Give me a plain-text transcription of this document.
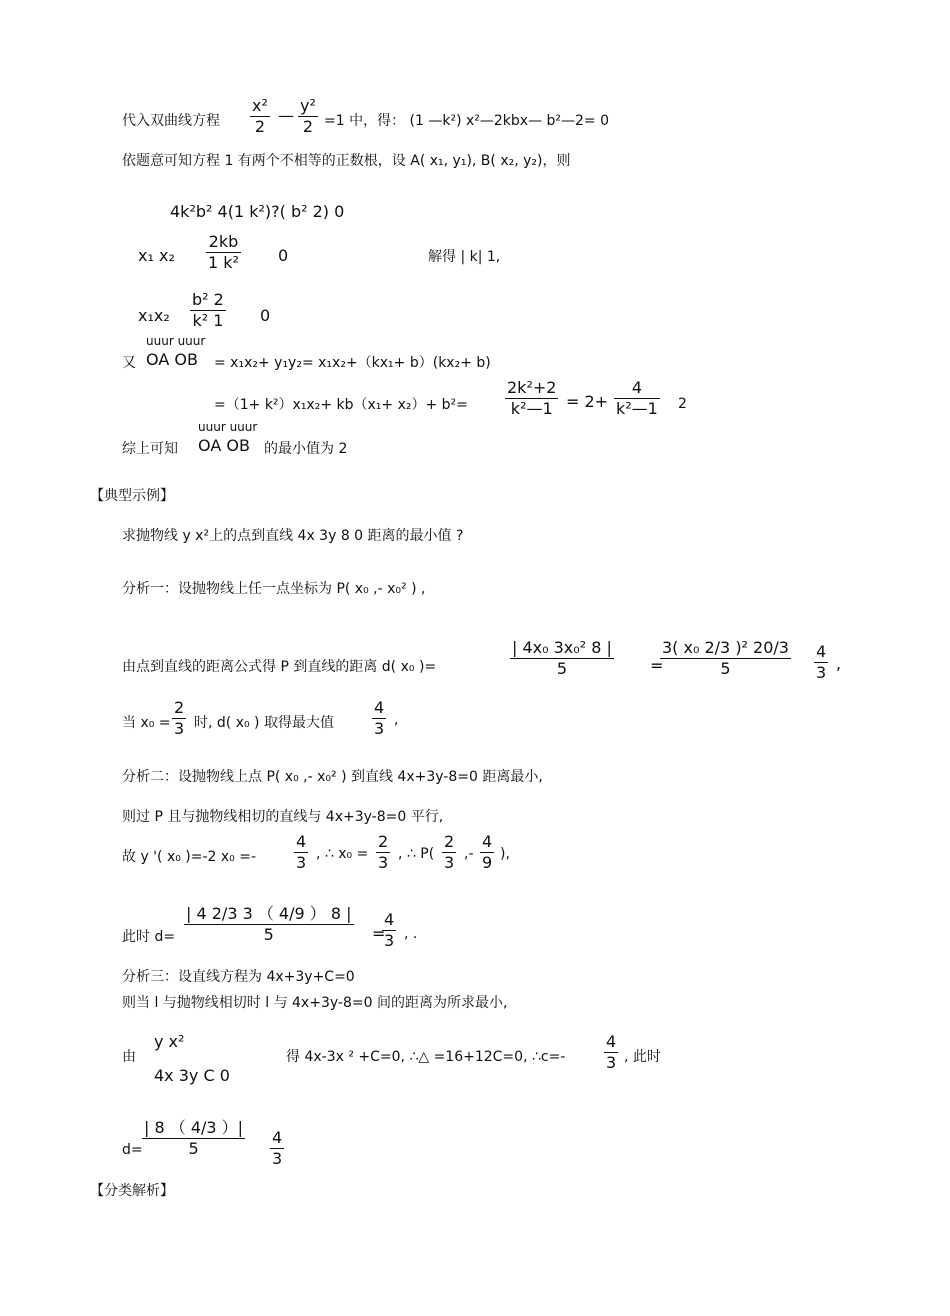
代入双曲线方程 $\frac{\text{x²}}{2}$ — $\frac{\text{y²}}{2} =1$ 中，得： (1 —k²) x²—2kbx— b²—2= 0
依题意可知方程 1 有两个不相等的正数根，设 A( x₁, y₁), B( x₂, y₂)，则
4k²b² 4(1 k²)?( b² 2) 0
x₁ $x_2 \frac{2kb}{\text{1 k²}} 0$	解得 | k| 1,
$x_1x_2 \frac{\text{b² 2}}{\text{k² 1}} 0$
又
uuur uuur
OA OB = x₁x₂+ y₁y₂= x₁x₂+（kx₁+ b）(kx₂+ b)
$=(1+ k^2)x_1x_2+ kb(x_1+ x_2)+ b^2= \frac{\text{2k²+2}}{\text{k²—1}} = 2+ \frac{4}{\text{k²—1}} 2$
综上可知
uuur uuur
OA OB 的最小值为 2
【典型示例】
求抛物线 y x²上的点到直线 4x 3y 8 0 距离的最小值 ?
分析一：设抛物线上任一点坐标为 P( x₀ ,- x₀² ) ,
由点到直线的距离公式得 P 到直线的距离 d( x₀ )=	$\frac{\text{| 4x₀ 3x₀² 8 |}}{5}$ =
$\frac{\text{3( x₀ 2/3 )² 20/3}}{5} \frac{4}{3}$ ,
当 $x_0 = \frac{2}{3}$ 时, d( x₀ ) 取得最大值 $\frac{4}{3}$ ,
分析二：设抛物线上点 P( x₀ ,- x₀² ) 到直线 4x+3y-8=0 距离最小,
则过 P 且与抛物线相切的直线与 4x+3y-8=0 平行,
故 y '( x₀ )=-2 $x_0 =- \frac{4}{3}$ , ∴ $x_0 = \frac{2}{3}$ , ∴ $P( \frac{2}{3}$ ,- $\frac{4}{9}$ ),
此时 $d= \frac{| 4 2/3 3 ( 4/9 ) 8 |}{5}$ =
$\frac{4}{3}$ , .
分析三：设直线方程为 4x+3y+C=0
则当 l 与抛物线相切时 l 与 4x+3y-8=0 间的距离为所求最小,
由
y x²
4x 3y C 0
得 4x-3x ² +C=0, ∴△ =16+12C=0, ∴c=- $\frac{4}{3}$ , 此时
$d= \frac{| 8 ( 4/3 )|}{5} \frac{4}{3}$
【分类解析】
